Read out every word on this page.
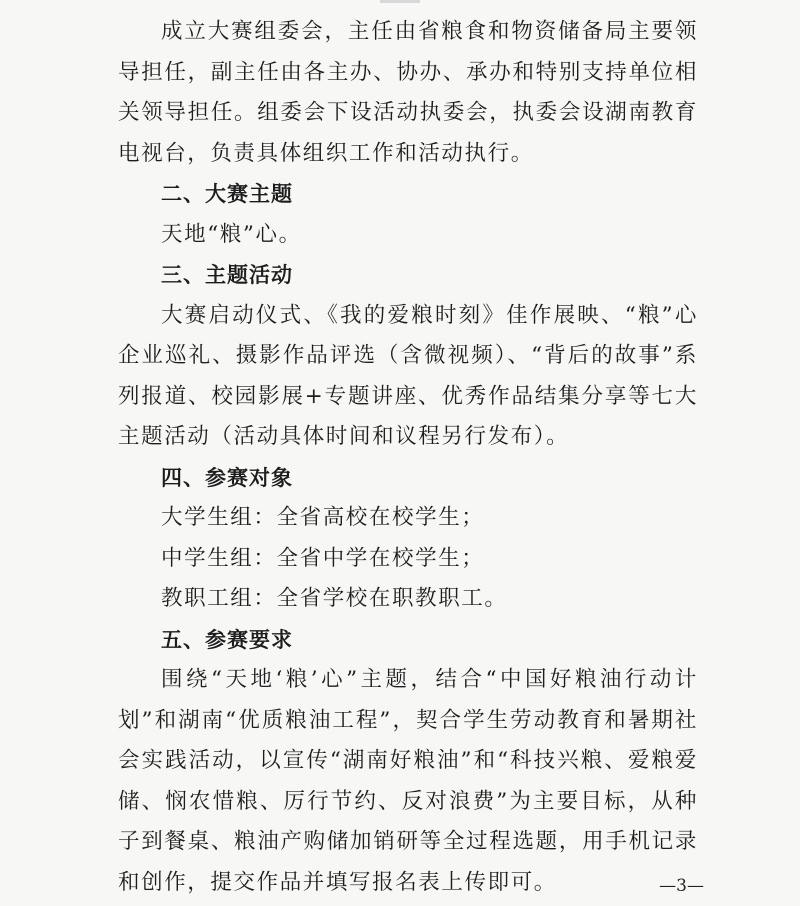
成立大赛组委会，主任由省粮食和物资储备局主要领导担任，副主任由各主办、协办、承办和特别支持单位相关领导担任。组委会下设活动执委会，执委会设湖南教育电视台，负责具体组织工作和活动执行。

二、大赛主题

天地“粮”心。

三、主题活动

大赛启动仪式、《我的爱粮时刻》佳作展映、“粮”心企业巡礼、摄影作品评选（含微视频）、“背后的故事”系列报道、校园影展+专题讲座、优秀作品结集分享等七大主题活动（活动具体时间和议程另行发布）。

四、参赛对象

大学生组：全省高校在校学生；

中学生组：全省中学在校学生；

教职工组：全省学校在职教职工。

五、参赛要求

围绕“天地‘粮’心”主题，结合“中国好粮油行动计划”和湖南“优质粮油工程”，契合学生劳动教育和暑期社会实践活动，以宣传“湖南好粮油”和“科技兴粮、爱粮爱储、悯农惜粮、厉行节约、反对浪费”为主要目标，从种子到餐桌、粮油产购储加销研等全过程选题，用手机记录和创作，提交作品并填写报名表上传即可。	—3—
